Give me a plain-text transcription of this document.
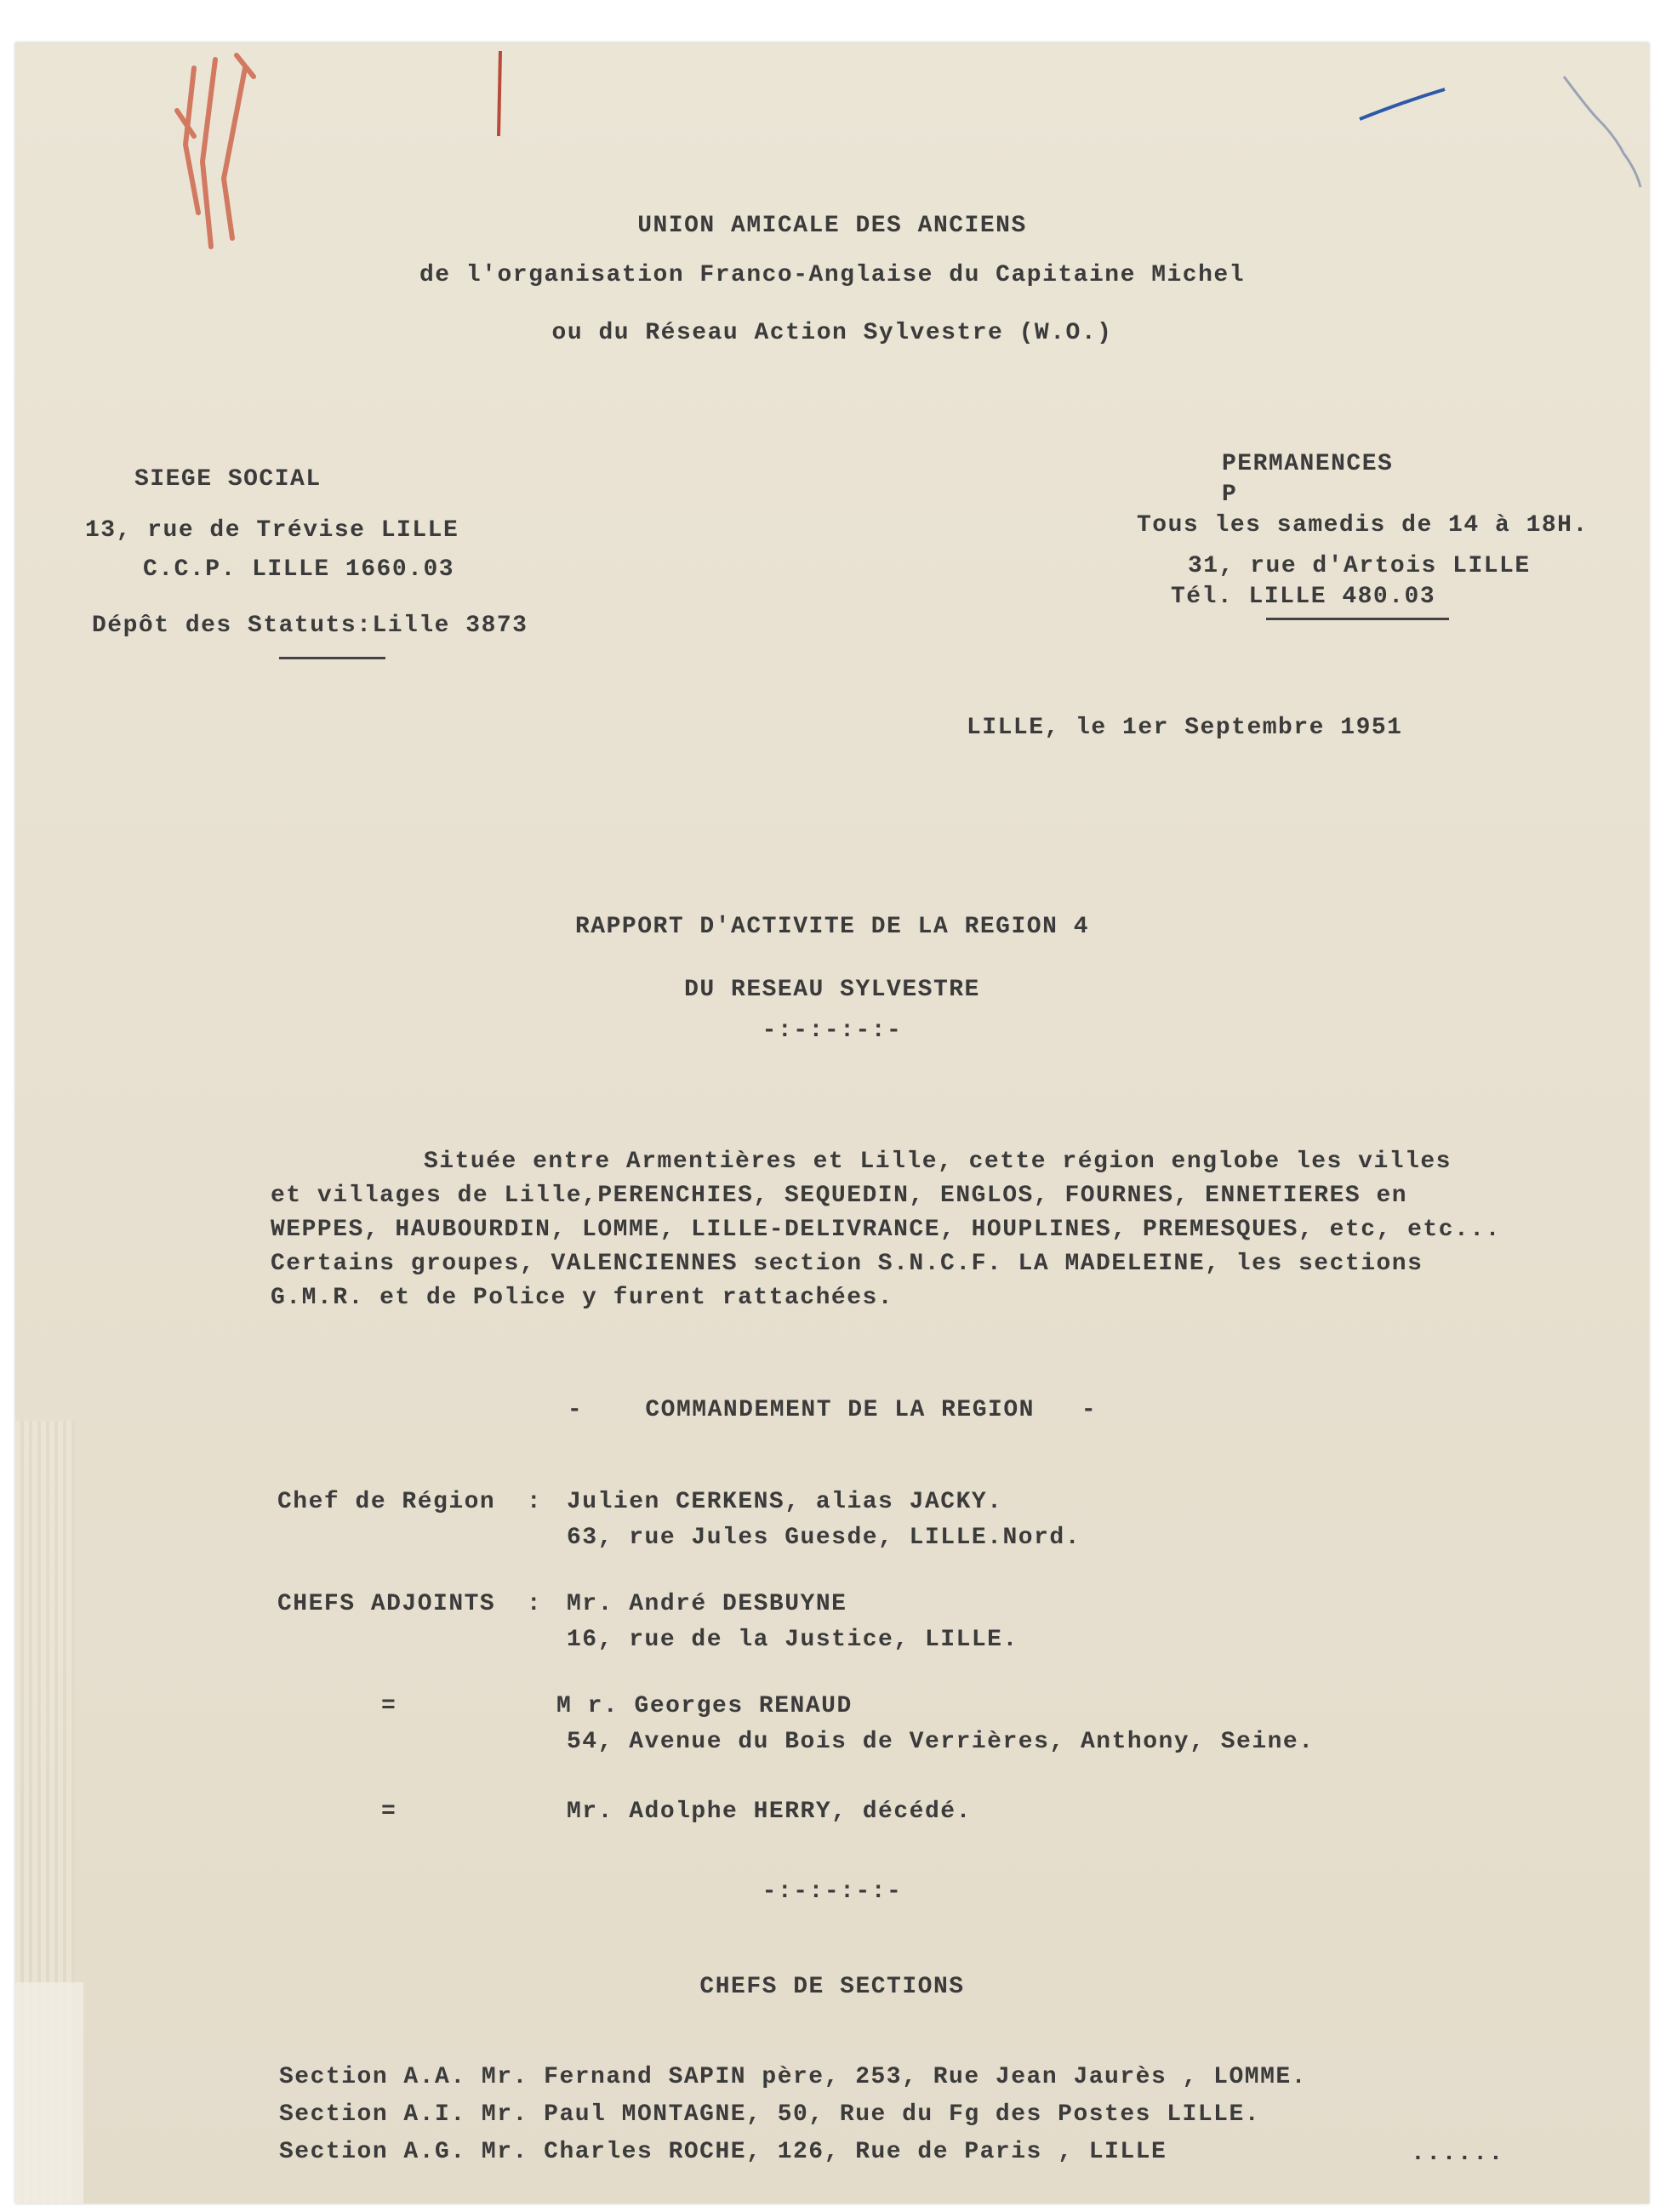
UNION AMICALE DES ANCIENS
de l'organisation Franco-Anglaise du Capitaine Michel
ou du Réseau Action Sylvestre (W.O.)
SIEGE SOCIAL
13, rue de Trévise LILLE
C.C.P. LILLE 1660.03
Dépôt des Statuts:Lille 3873
PERMANENCES
P
Tous les samedis de 14 à 18H.
31, rue d'Artois LILLE
Tél. LILLE 480.03
LILLE, le 1er Septembre 1951
RAPPORT D'ACTIVITE DE LA REGION 4
DU RESEAU SYLVESTRE
-:-:-:-:-
Située entre Armentières et Lille, cette région englobe les villes
et villages de Lille,PERENCHIES, SEQUEDIN, ENGLOS, FOURNES, ENNETIERES en
WEPPES, HAUBOURDIN, LOMME, LILLE-DELIVRANCE, HOUPLINES, PREMESQUES, etc, etc...
Certains groupes, VALENCIENNES section S.N.C.F. LA MADELEINE, les sections
G.M.R. et de Police y furent rattachées.
-    COMMANDEMENT DE LA REGION   -
Chef de Région  : Julien CERKENS, alias JACKY.
63, rue Jules Guesde, LILLE.Nord.
CHEFS ADJOINTS  : Mr. André DESBUYNE
16, rue de la Justice, LILLE.
=	M r. Georges RENAUD
54, Avenue du Bois de Verrières, Anthony, Seine.
=	Mr. Adolphe HERRY, décédé.
-:-:-:-:-
CHEFS DE SECTIONS
Section A.A. Mr. Fernand SAPIN père, 253, Rue Jean Jaurès , LOMME.
Section A.I. Mr. Paul MONTAGNE, 50, Rue du Fg des Postes LILLE.
Section A.G. Mr. Charles ROCHE, 126, Rue de Paris , LILLE	......
